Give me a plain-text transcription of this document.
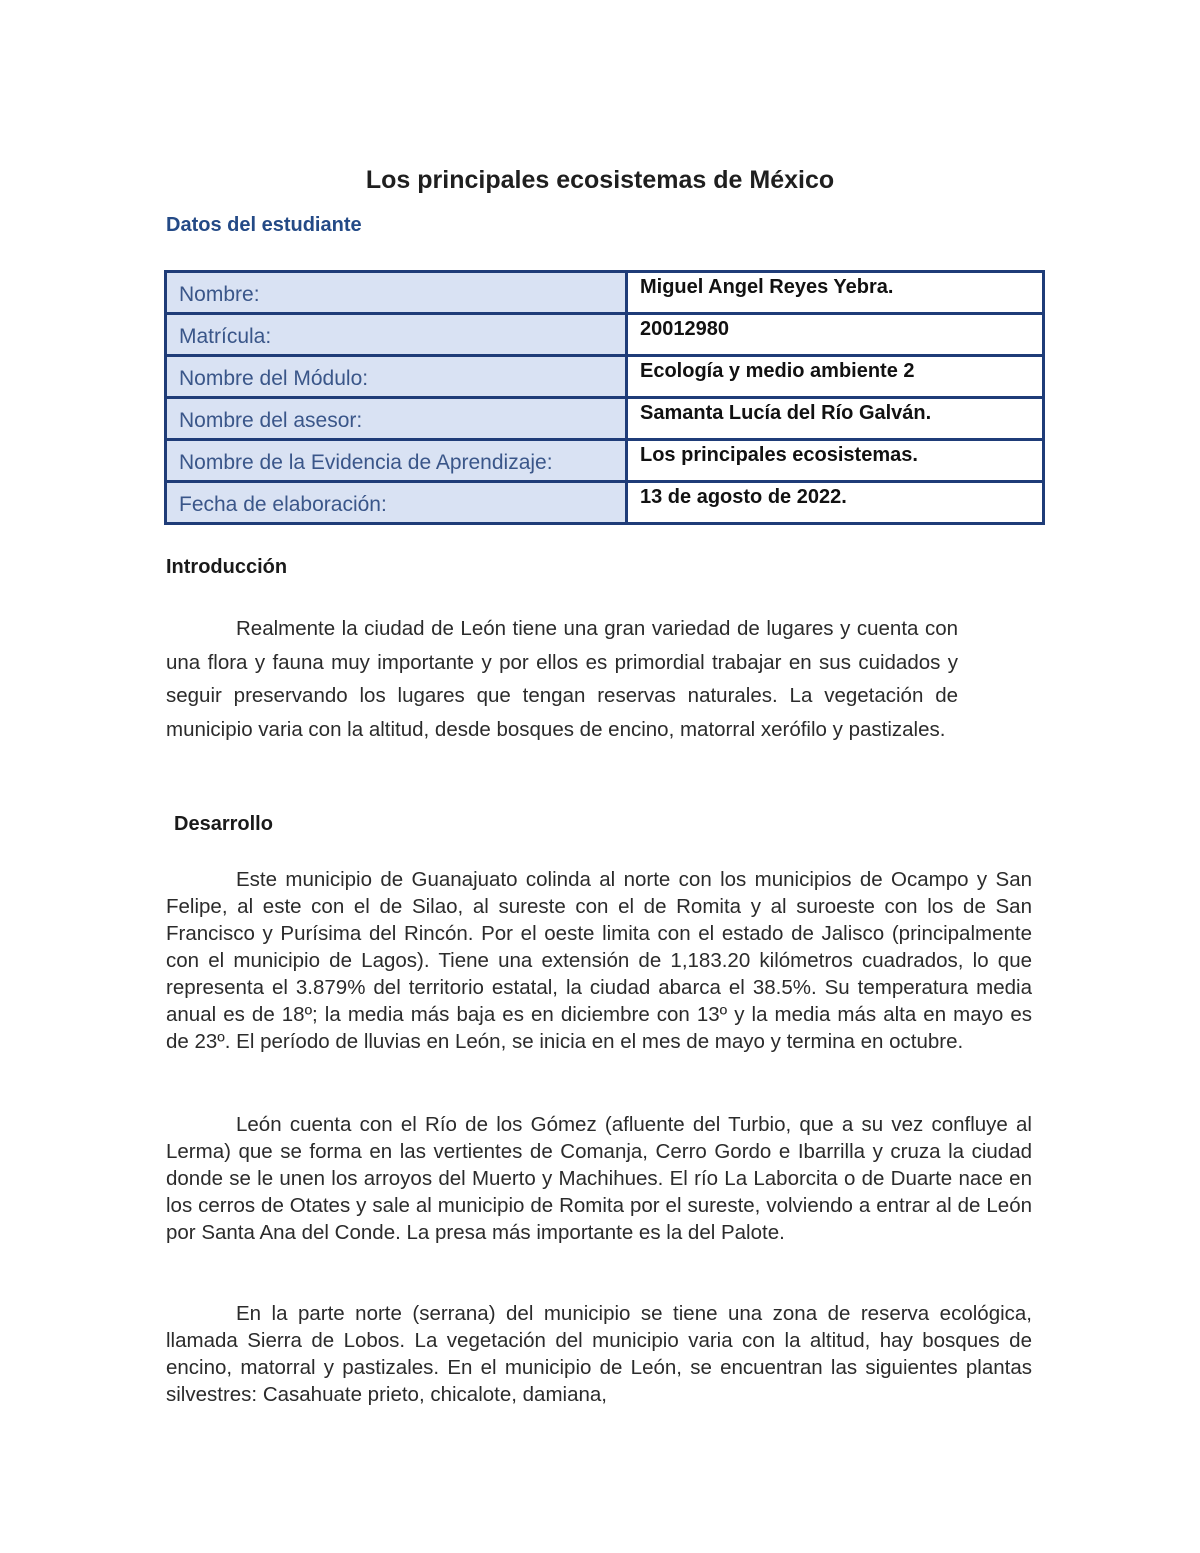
Los principales ecosistemas de México
Datos del estudiante
Nombre:	Miguel Angel Reyes Yebra.
Matrícula:	20012980
Nombre del Módulo:	Ecología y medio ambiente 2
Nombre del asesor:	Samanta Lucía del Río Galván.
Nombre de la Evidencia de Aprendizaje:	Los principales ecosistemas.
Fecha de elaboración:	13 de agosto de 2022.
Introducción

Realmente la ciudad de León tiene una gran variedad de lugares y cuenta con una flora y fauna muy importante y por ellos es primordial trabajar en sus cuidados y seguir preservando los lugares que tengan reservas naturales. La vegetación de municipio varia con la altitud, desde bosques de encino, matorral xerófilo y pastizales.

Desarrollo

Este municipio de Guanajuato colinda al norte con los municipios de Ocampo y San Felipe, al este con el de Silao, al sureste con el de Romita y al suroeste con los de San Francisco y Purísima del Rincón. Por el oeste limita con el estado de Jalisco (principalmente con el municipio de Lagos). Tiene una extensión de 1,183.20 kilómetros cuadrados, lo que representa el 3.879% del territorio estatal, la ciudad abarca el 38.5%. Su temperatura media anual es de 18º; la media más baja es en diciembre con 13º y la media más alta en mayo es de 23º. El período de lluvias en León, se inicia en el mes de mayo y termina en octubre.

León cuenta con el Río de los Gómez (afluente del Turbio, que a su vez confluye al Lerma) que se forma en las vertientes de Comanja, Cerro Gordo e Ibarrilla y cruza la ciudad donde se le unen los arroyos del Muerto y Machihues. El río La Laborcita o de Duarte nace en los cerros de Otates y sale al municipio de Romita por el sureste, volviendo a entrar al de León por Santa Ana del Conde. La presa más importante es la del Palote.

En la parte norte (serrana) del municipio se tiene una zona de reserva ecológica, llamada Sierra de Lobos. La vegetación del municipio varia con la altitud, hay bosques de encino, matorral y pastizales. En el municipio de León, se encuentran las siguientes plantas silvestres: Casahuate prieto, chicalote, damiana,
